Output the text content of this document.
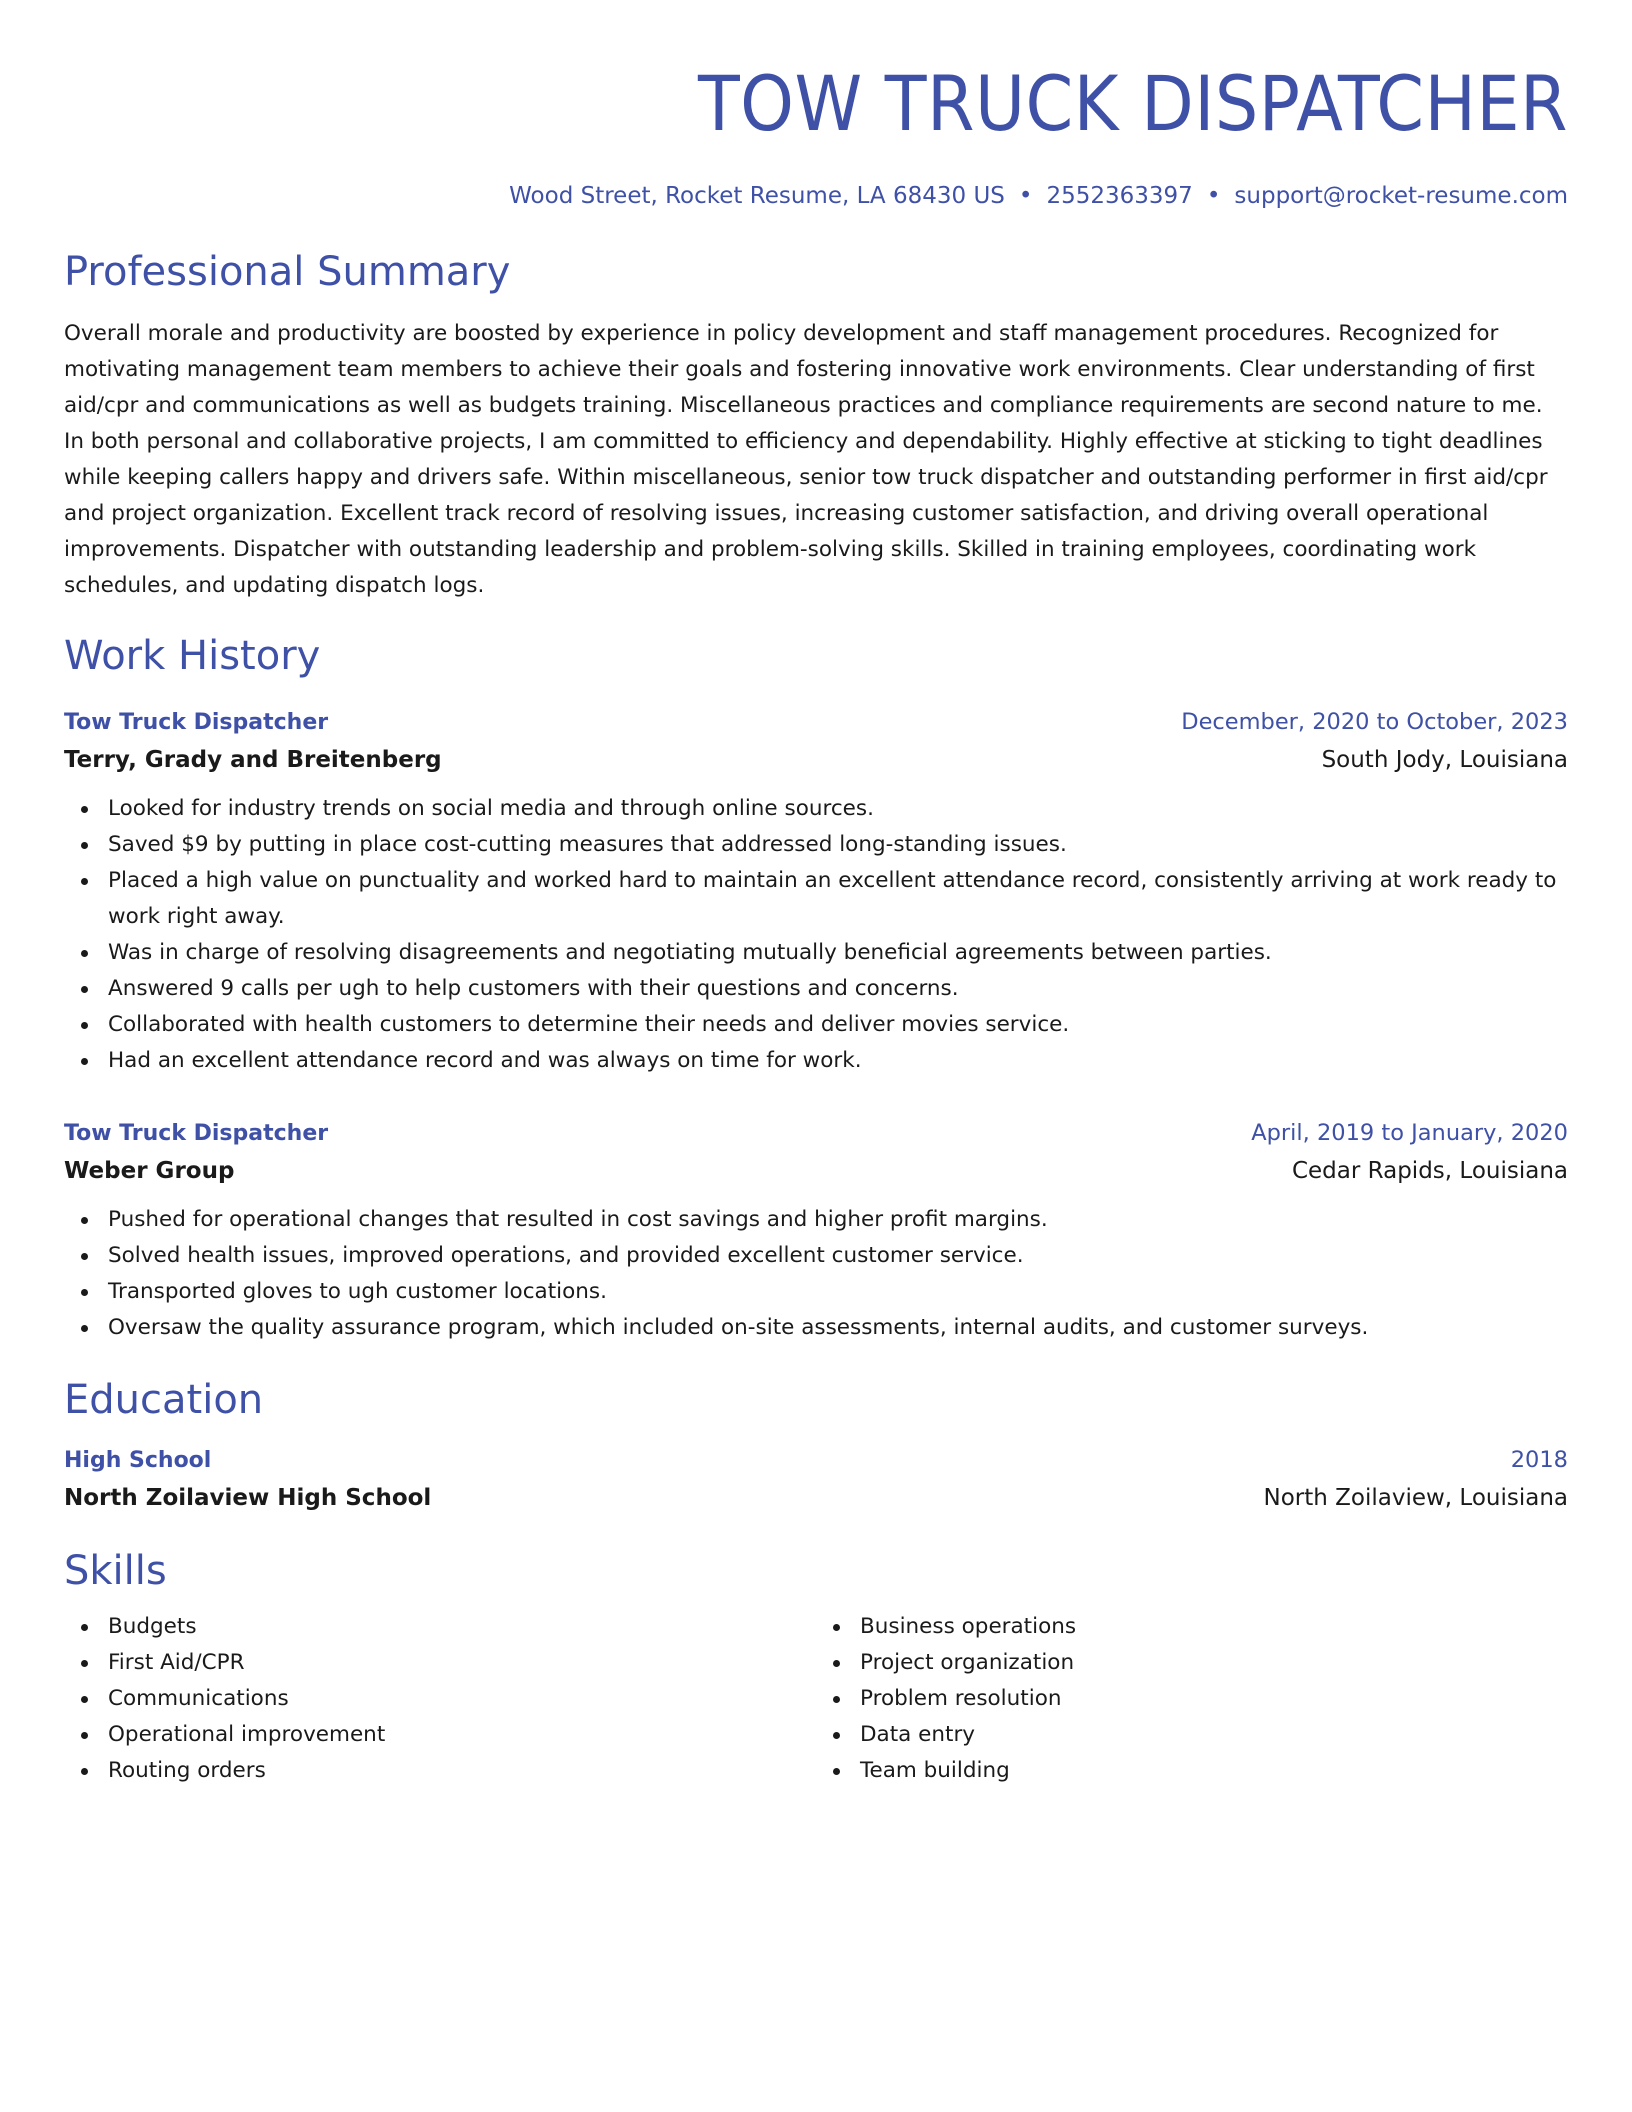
TOW TRUCK DISPATCHER
Wood Street, Rocket Resume, LA 68430 US • 2552363397 • support@rocket-resume.com
Professional Summary
Overall morale and productivity are boosted by experience in policy development and staff management procedures. Recognized for motivating management team members to achieve their goals and fostering innovative work environments. Clear understanding of first aid/cpr and communications as well as budgets training. Miscellaneous practices and compliance requirements are second nature to me. In both personal and collaborative projects, I am committed to efficiency and dependability. Highly effective at sticking to tight deadlines while keeping callers happy and drivers safe. Within miscellaneous, senior tow truck dispatcher and outstanding performer in first aid/cpr and project organization. Excellent track record of resolving issues, increasing customer satisfaction, and driving overall operational improvements. Dispatcher with outstanding leadership and problem-solving skills. Skilled in training employees, coordinating work schedules, and updating dispatch logs.
Work History
Tow Truck Dispatcher	December, 2020 to October, 2023
Terry, Grady and Breitenberg	South Jody, Louisiana
Looked for industry trends on social media and through online sources.
Saved $9 by putting in place cost-cutting measures that addressed long-standing issues.
Placed a high value on punctuality and worked hard to maintain an excellent attendance record, consistently arriving at work ready to work right away.
Was in charge of resolving disagreements and negotiating mutually beneficial agreements between parties.
Answered 9 calls per ugh to help customers with their questions and concerns.
Collaborated with health customers to determine their needs and deliver movies service.
Had an excellent attendance record and was always on time for work.
Tow Truck Dispatcher	April, 2019 to January, 2020
Weber Group	Cedar Rapids, Louisiana
Pushed for operational changes that resulted in cost savings and higher profit margins.
Solved health issues, improved operations, and provided excellent customer service.
Transported gloves to ugh customer locations.
Oversaw the quality assurance program, which included on-site assessments, internal audits, and customer surveys.
Education
High School	2018
North Zoilaview High School	North Zoilaview, Louisiana
Skills
Budgets
First Aid/CPR
Communications
Operational improvement
Routing orders
Business operations
Project organization
Problem resolution
Data entry
Team building
